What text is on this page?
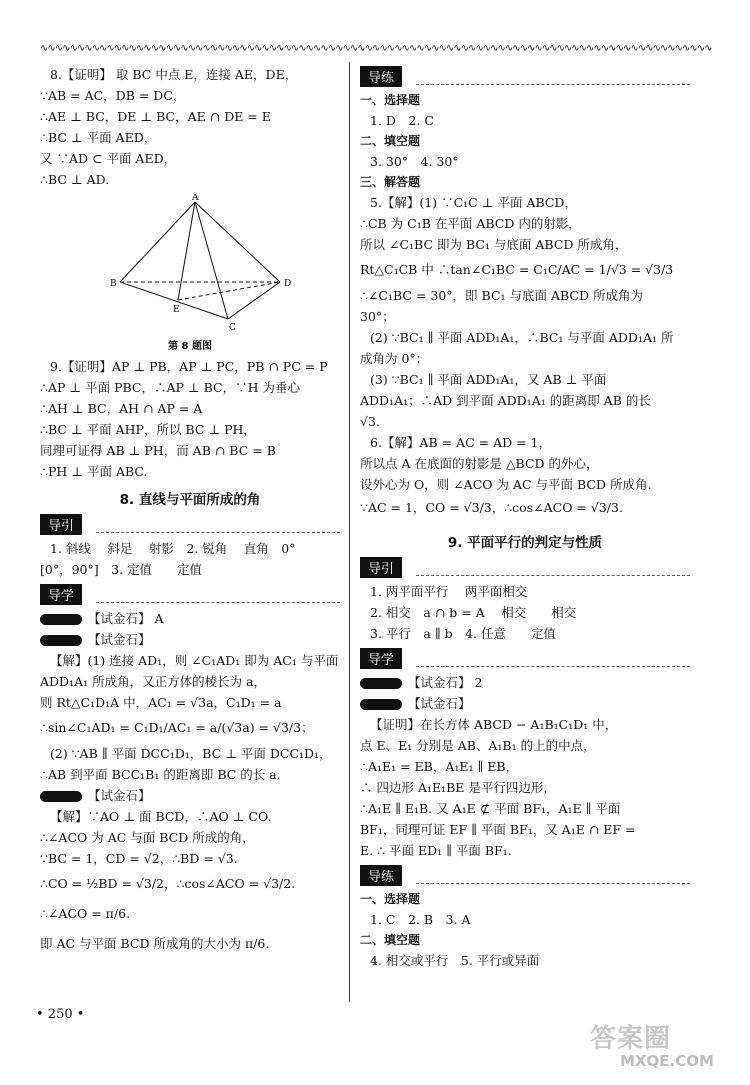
∿∿∿∿∿∿∿∿∿∿∿∿∿∿∿∿∿∿∿∿∿∿∿∿∿∿∿∿∿∿∿∿∿∿∿∿∿∿∿∿∿∿∿∿∿∿∿∿∿∿∿∿∿∿∿∿∿∿∿∿∿∿∿∿∿∿∿∿∿∿∿∿∿∿∿∿∿∿∿∿∿∿∿∿∿∿∿∿∿∿∿
8.【证明】 取 BC 中点 E，连接 AE，DE，
∵AB = AC，DB = DC，
∴AE ⊥ BC，DE ⊥ BC，AE ∩ DE = E
∴BC ⊥ 平面 AED，
又 ∵AD ⊂ 平面 AED，
∴BC ⊥ AD.
A
B	D
E
C
第 8 题图
9.【证明】AP ⊥ PB，AP ⊥ PC，PB ∩ PC = P
∴AP ⊥ 平面 PBC，∴AP ⊥ BC，∵H 为垂心
∴AH ⊥ BC，AH ∩ AP = A
∴BC ⊥ 平面 AHP，所以 BC ⊥ PH，
同理可证得 AB ⊥ PH，而 AB ∩ BC = B
∴PH ⊥ 平面 ABC.
8. 直线与平面所成的角
导引
1. 斜线　 斜足　 射影　2. 锐角　 直角　0°
[0°，90°]　3. 定值　　定值
导学
【试金石】 A
【试金石】
【解】(1) 连接 AD₁，则 ∠C₁AD₁ 即为 AC₁ 与平面
ADD₁A₁ 所成角，又正方体的棱长为 a，
则 Rt△C₁D₁A 中，AC₁ = √3a，C₁D₁ = a
∴sin∠C₁AD₁ = C₁D₁/AC₁ = a/(√3a) = √3/3；
(2) ∵AB ∥ 平面 DCC₁D₁，BC ⊥ 平面 DCC₁D₁，
∴AB 到平面 BCC₁B₁ 的距离即 BC 的长 a.
【试金石】
【解】∵AO ⊥ 面 BCD，∴AO ⊥ CO.
∴∠ACO 为 AC 与面 BCD 所成的角，
∵BC = 1，CD = √2，∴BD = √3.
∴CO = ½BD = √3/2，∴cos∠ACO = √3/2.
∴∠ACO = π/6.
即 AC 与平面 BCD 所成角的大小为 π/6.
导练
一、选择题
1. D　2. C
二、填空题
3. 30°　4. 30°
三、解答题
5.【解】(1) ∵C₁C ⊥ 平面 ABCD，
∴CB 为 C₁B 在平面 ABCD 内的射影，
所以 ∠C₁BC 即为 BC₁ 与底面 ABCD 所成角，
Rt△C₁CB 中 ∴tan∠C₁BC = C₁C/AC = 1/√3 = √3/3
∴∠C₁BC = 30°，即 BC₁ 与底面 ABCD 所成角为
30°；
(2) ∵BC₁ ∥ 平面 ADD₁A₁，∴BC₁ 与平面 ADD₁A₁ 所
成角为 0°；
(3) ∵BC₁ ∥ 平面 ADD₁A₁，又 AB ⊥ 平面
ADD₁A₁；∴AD 到平面 ADD₁A₁ 的距离即 AB 的长
√3.
6.【解】AB = AC = AD = 1，
所以点 A 在底面的射影是 △BCD 的外心，
设外心为 O，则 ∠ACO 为 AC 与平面 BCD 所成角.
∵AC = 1，CO = √3/3，∴cos∠ACO = √3/3.
9. 平面平行的判定与性质
导引
1. 两平面平行　 两平面相交
2. 相交　a ∩ b = A　 相交　　相交
3. 平行　a ∥ b　4. 任意　　定值
导学
【试金石】 2
【试金石】
【证明】在长方体 ABCD − A₁B₁C₁D₁ 中，
点 E、E₁ 分别是 AB、A₁B₁ 的上的中点，
∴A₁E₁ = EB，A₁E₁ ∥ EB，
∴ 四边形 A₁E₁BE 是平行四边形，
∴A₁E ∥ E₁B. 又 A₁E ⊄ 平面 BF₁，A₁E ∥ 平面
BF₁，同理可证 EF ∥ 平面 BF₁，又 A₁E ∩ EF =
E. ∴ 平面 ED₁ ∥ 平面 BF₁.
导练
一、选择题
1. C　2. B　3. A
二、填空题
4. 相交或平行　5. 平行或异面
• 250 •
答案圈
MXQE.COM
